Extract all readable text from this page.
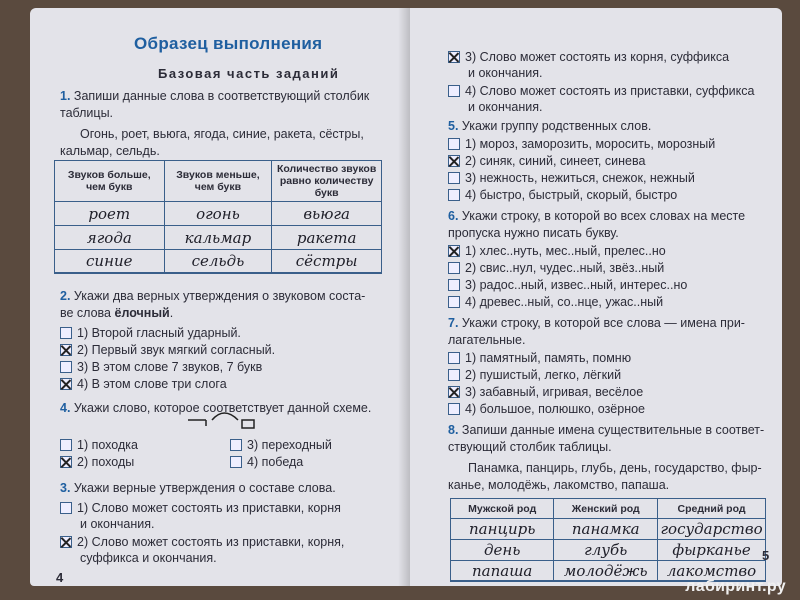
Образец выполнения
Базовая часть заданий
1. Запиши данные слова в соответствующий столбик
таблицы.
Огонь, роет, вьюга, ягода, синие, ракета, сёстры,
кальмар, сельдь.
Звуков больше, чем букв	Звуков меньше, чем букв	Количество звуков равно количеству букв
роет	огонь	вьюга
ягода	кальмар	ракета
синие	сельдь	сёстры
2. Укажи два верных утверждения о звуковом соста-
ве слова ёлочный.
1) Второй гласный ударный.
2) Первый звук мягкий согласный.
3) В этом слове 7 звуков, 7 букв
4) В этом слове три слога
4. Укажи слово, которое соответствует данной схеме.
1) походка
2) походы
3) переходный
4) победа
3. Укажи верные утверждения о составе слова.
1) Слово может состоять из приставки, корня
и окончания.
2) Слово может состоять из приставки, корня,
суффикса и окончания.
4
3) Слово может состоять из корня, суффикса
и окончания.
4) Слово может состоять из приставки, суффикса
и окончания.
5. Укажи группу родственных слов.
1) мороз, заморозить, моросить, морозный
2) синяк, синий, синеет, синева
3) нежность, нежиться, снежок, нежный
4) быстро, быстрый, скорый, быстро
6. Укажи строку, в которой во всех словах на месте
пропуска нужно писать букву.
1) хлес..нуть, мес..ный, прелес..но
2) свис..нул, чудес..ный, звёз..ный
3) радос..ный, извес..ный, интерес..но
4) древес..ный, со..нце, ужас..ный
7. Укажи строку, в которой все слова — имена при-
лагательные.
1) памятный, память, помню
2) пушистый, легко, лёгкий
3) забавный, игривая, весёлое
4) большое, полюшко, озёрное
8. Запиши данные имена существительные в соответ-
ствующий столбик таблицы.
Панамка, панцирь, глубь, день, государство, фыр-
канье, молодёжь, лакомство, папаша.
Мужской род	Женский род	Средний род
панцирь	панамка	государство
день	глубь	фырканье
папаша	молодёжь	лакомство
5
лабиринт.ру
